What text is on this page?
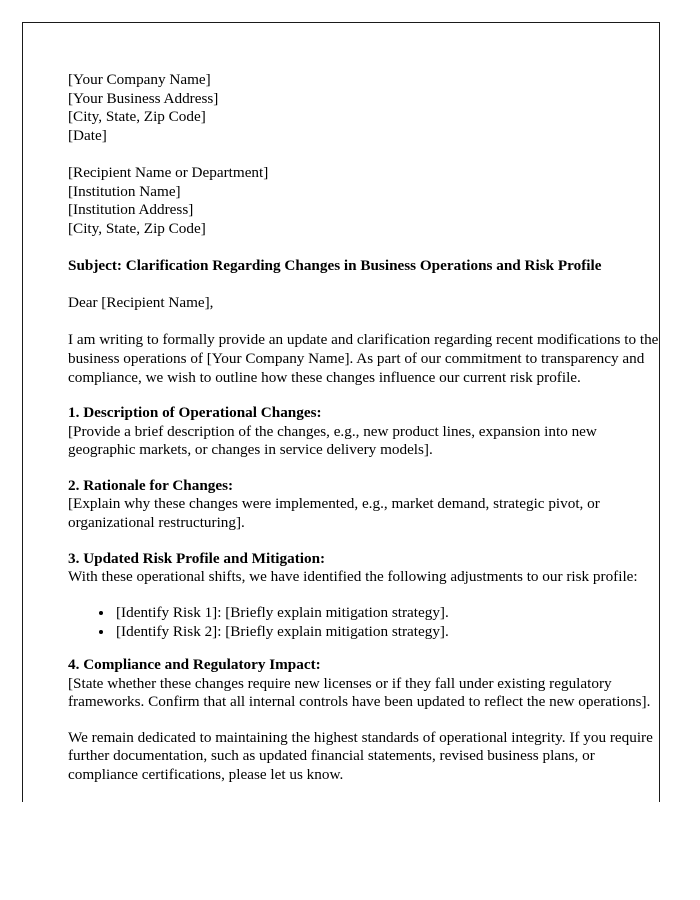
[Your Company Name]
[Your Business Address]
[City, State, Zip Code]
[Date]
[Recipient Name or Department]
[Institution Name]
[Institution Address]
[City, State, Zip Code]

Subject: Clarification Regarding Changes in Business Operations and Risk Profile

Dear [Recipient Name],

I am writing to formally provide an update and clarification regarding recent modifications to the business operations of [Your Company Name]. As part of our commitment to transparency and compliance, we wish to outline how these changes influence our current risk profile.

1. Description of Operational Changes:
[Provide a brief description of the changes, e.g., new product lines, expansion into new geographic markets, or changes in service delivery models].
2. Rationale for Changes:
[Explain why these changes were implemented, e.g., market demand, strategic pivot, or organizational restructuring].
3. Updated Risk Profile and Mitigation:
With these operational shifts, we have identified the following adjustments to our risk profile:
• [Identify Risk 1]: [Briefly explain mitigation strategy].
• [Identify Risk 2]: [Briefly explain mitigation strategy].
4. Compliance and Regulatory Impact:
[State whether these changes require new licenses or if they fall under existing regulatory frameworks. Confirm that all internal controls have been updated to reflect the new operations].

We remain dedicated to maintaining the highest standards of operational integrity. If you require further documentation, such as updated financial statements, revised business plans, or compliance certifications, please let us know.
